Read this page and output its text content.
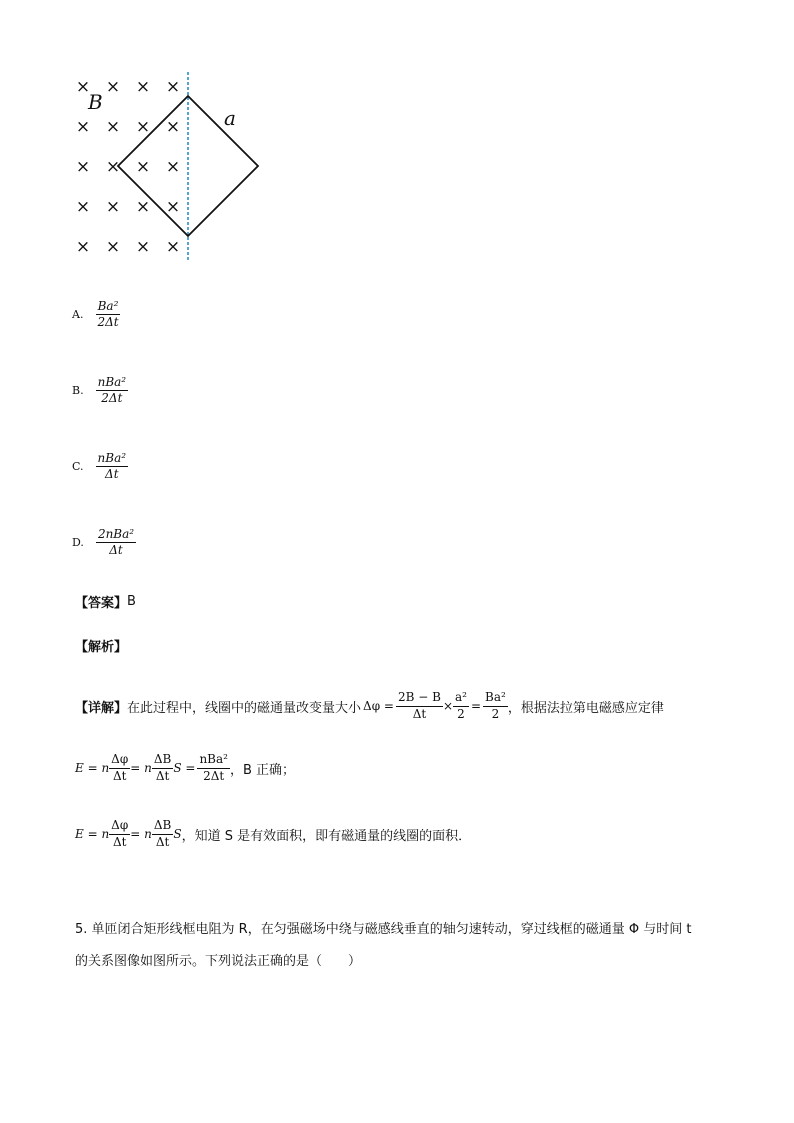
× × × ×
× × × ×
× × × ×
× × × ×
× × × ×
B
a
A. $\frac{\text{Ba²}}{2\Delta t}$
B. $\frac{\text{nBa²}}{2\Delta t}$
C. $\frac{\text{nBa²}}{\Delta t}$
D. $\frac{\text{2nBa²}}{\Delta t}$
【答案】 B
【解析】
【详解】 在此过程中，线圈中的磁通量改变量大小 $\Delta\varphi = \frac{2B - B}{\Delta t} \times \frac{\text{a²}}{2} = \frac{\text{Ba²}}{2}$ ，根据法拉第电磁感应定律
E = n $\frac{\Delta\varphi}{\Delta t} = n \frac{\Delta B}{\Delta t}$ $S = \frac{\text{nBa²}}{2\Delta t}$ ，B 正确；
E = n $\frac{\Delta\varphi}{\Delta t} = n \frac{\Delta B}{\Delta t}$ S ，知道 S 是有效面积，即有磁通量的线圈的面积．
5. 单匝闭合矩形线框电阻为 R，在匀强磁场中绕与磁感线垂直的轴匀速转动，穿过线框的磁通量 Φ 与时间 t
的关系图像如图所示。下列说法正确的是（　　）
